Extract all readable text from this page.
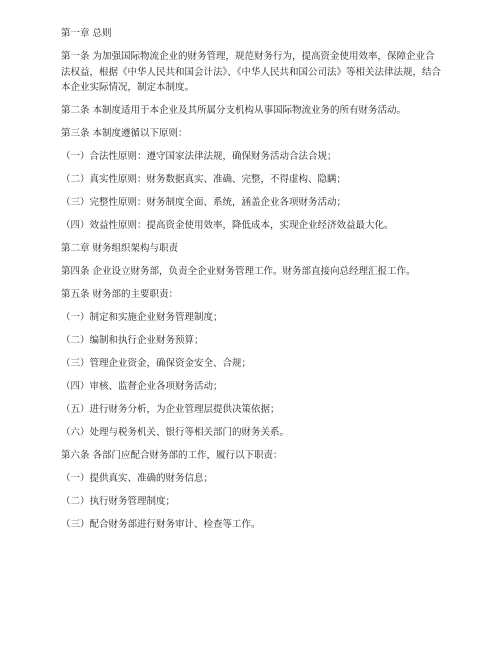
第一章 总则

第一条 为加强国际物流企业的财务管理，规范财务行为，提高资金使用效率，保障企业合法权益，根据《中华人民共和国会计法》、《中华人民共和国公司法》等相关法律法规，结合本企业实际情况，制定本制度。

第二条 本制度适用于本企业及其所属分支机构从事国际物流业务的所有财务活动。

第三条 本制度遵循以下原则：

（一）合法性原则：遵守国家法律法规，确保财务活动合法合规；

（二）真实性原则：财务数据真实、准确、完整，不得虚构、隐瞒；

（三）完整性原则：财务制度全面、系统，涵盖企业各项财务活动；

（四）效益性原则：提高资金使用效率，降低成本，实现企业经济效益最大化。

第二章 财务组织架构与职责

第四条 企业设立财务部，负责全企业财务管理工作。财务部直接向总经理汇报工作。

第五条 财务部的主要职责：

（一）制定和实施企业财务管理制度；

（二）编制和执行企业财务预算；

（三）管理企业资金，确保资金安全、合规；

（四）审核、监督企业各项财务活动；

（五）进行财务分析，为企业管理层提供决策依据；

（六）处理与税务机关、银行等相关部门的财务关系。

第六条 各部门应配合财务部的工作，履行以下职责：

（一）提供真实、准确的财务信息；

（二）执行财务管理制度；

（三）配合财务部进行财务审计、检查等工作。
